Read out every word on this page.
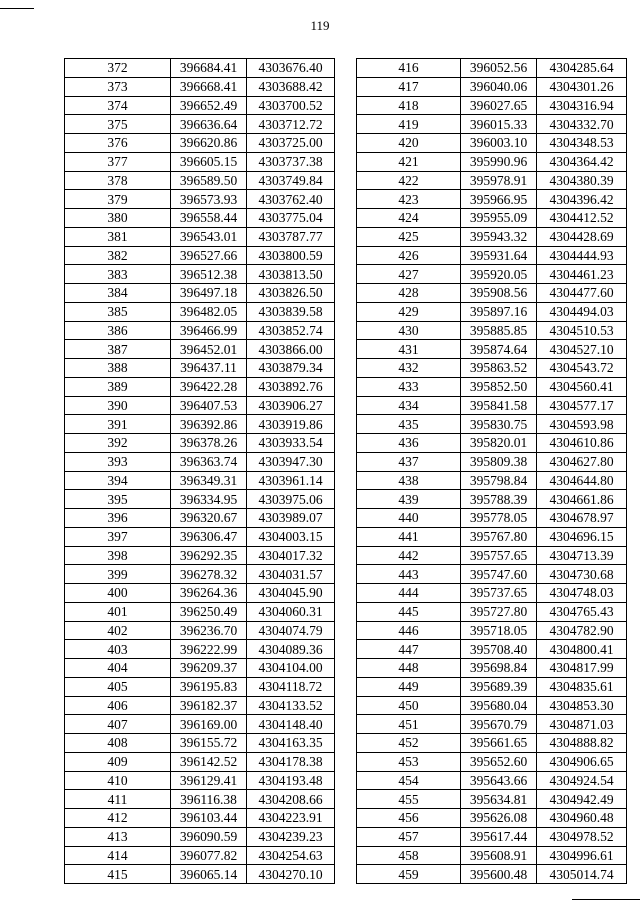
119
372	396684.41	4303676.40
373	396668.41	4303688.42
374	396652.49	4303700.52
375	396636.64	4303712.72
376	396620.86	4303725.00
377	396605.15	4303737.38
378	396589.50	4303749.84
379	396573.93	4303762.40
380	396558.44	4303775.04
381	396543.01	4303787.77
382	396527.66	4303800.59
383	396512.38	4303813.50
384	396497.18	4303826.50
385	396482.05	4303839.58
386	396466.99	4303852.74
387	396452.01	4303866.00
388	396437.11	4303879.34
389	396422.28	4303892.76
390	396407.53	4303906.27
391	396392.86	4303919.86
392	396378.26	4303933.54
393	396363.74	4303947.30
394	396349.31	4303961.14
395	396334.95	4303975.06
396	396320.67	4303989.07
397	396306.47	4304003.15
398	396292.35	4304017.32
399	396278.32	4304031.57
400	396264.36	4304045.90
401	396250.49	4304060.31
402	396236.70	4304074.79
403	396222.99	4304089.36
404	396209.37	4304104.00
405	396195.83	4304118.72
406	396182.37	4304133.52
407	396169.00	4304148.40
408	396155.72	4304163.35
409	396142.52	4304178.38
410	396129.41	4304193.48
411	396116.38	4304208.66
412	396103.44	4304223.91
413	396090.59	4304239.23
414	396077.82	4304254.63
415	396065.14	4304270.10
416	396052.56	4304285.64
417	396040.06	4304301.26
418	396027.65	4304316.94
419	396015.33	4304332.70
420	396003.10	4304348.53
421	395990.96	4304364.42
422	395978.91	4304380.39
423	395966.95	4304396.42
424	395955.09	4304412.52
425	395943.32	4304428.69
426	395931.64	4304444.93
427	395920.05	4304461.23
428	395908.56	4304477.60
429	395897.16	4304494.03
430	395885.85	4304510.53
431	395874.64	4304527.10
432	395863.52	4304543.72
433	395852.50	4304560.41
434	395841.58	4304577.17
435	395830.75	4304593.98
436	395820.01	4304610.86
437	395809.38	4304627.80
438	395798.84	4304644.80
439	395788.39	4304661.86
440	395778.05	4304678.97
441	395767.80	4304696.15
442	395757.65	4304713.39
443	395747.60	4304730.68
444	395737.65	4304748.03
445	395727.80	4304765.43
446	395718.05	4304782.90
447	395708.40	4304800.41
448	395698.84	4304817.99
449	395689.39	4304835.61
450	395680.04	4304853.30
451	395670.79	4304871.03
452	395661.65	4304888.82
453	395652.60	4304906.65
454	395643.66	4304924.54
455	395634.81	4304942.49
456	395626.08	4304960.48
457	395617.44	4304978.52
458	395608.91	4304996.61
459	395600.48	4305014.74
